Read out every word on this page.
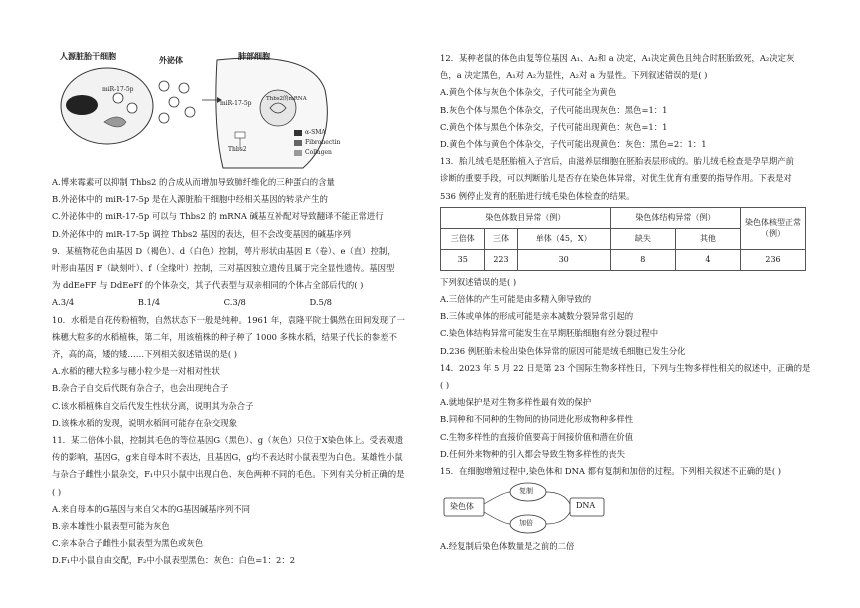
人源脏胎干细胞	外泌体	肺部细胞
miR-17-5p
miR-17-5p
Thbs2的mRNA
Thbs2
α-SMA
Fibronectin
Collagen
A.博来霉素可以抑制 Thbs2 的合成从而增加导致肺纤维化的三种蛋白的含量
B.外泌体中的 miR-17-5p 是在人源脏胎干细胞中经相关基因的转录产生的
C.外泌体中的 miR-17-5p 可以与 Thbs2 的 mRNA 碱基互补配对导致翻译不能正常进行
D.外泌体中的 miR-17-5p 调控 Thbs2 基因的表达，但不会改变基因的碱基序列
9．某植物花色由基因 D（褐色）、d（白色）控制，萼片形状由基因 E（卷）、e（直）控制，
叶形由基因 F（缺刻叶）、f（全缘叶）控制，三对基因独立遗传且属于完全显性遗传。基因型
为 ddEeFF 与 DdEeFf 的个体杂交，其子代表型与双亲相同的个体占全部后代的( )
A.3/4	B.1/4	C.3/8	D.5/8
10．水稻是自花传粉植物，自然状态下一般是纯种。1961 年，袁隆平院士偶然在田间发现了一
株穗大粒多的水稻植株，第二年，用该植株的种子种了 1000 多株水稻，结果子代长的参差不
齐，高的高，矮的矮……下列相关叙述错误的是( )
A.水稻的穗大粒多与穗小粒少是一对相对性状
B.杂合子自交后代既有杂合子，也会出现纯合子
C.该水稻植株自交后代发生性状分离，说明其为杂合子
D.该株水稻的发现，说明水稻间可能存在杂交现象
11．某二倍体小鼠，控制其毛色的等位基因G（黑色）、g（灰色）只位于X染色体上。受表观遗
传的影响，基因G，g来自母本时不表达，且基因G，g均不表达时小鼠表型为白色。某雄性小鼠
与杂合子雌性小鼠杂交，F₁中只小鼠中出现白色、灰色两种不同的毛色。下列有关分析正确的是
( )
A.来自母本的G基因与来自父本的G基因碱基序列不同
B.亲本雄性小鼠表型可能为灰色
C.亲本杂合子雌性小鼠表型为黑色或灰色
D.F₁中小鼠自由交配，F₂中小鼠表型黑色：灰色：白色=1：2：2
12．某种老鼠的体色由复等位基因 A₁、A₂和 a 决定，A₁决定黄色且纯合时胚胎致死，A₂决定灰
色，a 决定黑色，A₁对 A₂为显性，A₂对 a 为显性。下列叙述错误的是( )
A.黄色个体与灰色个体杂交，子代可能全为黄色
B.灰色个体与黑色个体杂交，子代可能出现灰色：黑色=1：1
C.黄色个体与黑色个体杂交，子代可能出现黄色：灰色=1：1
D.黄色个体与黄色个体杂交，子代可能出现黄色：灰色：黑色=2：1：1
13．胎儿绒毛是胚胎植入子宫后，由滋养层细胞在胚胎表层形成的。胎儿绒毛检查是孕早期产前
诊断的重要手段，可以判断胎儿是否存在染色体异常，对优生优育有重要的指导作用。下表是对
536 例停止发育的胚胎进行绒毛染色体检查的结果。
染色体数目异常（例）			染色体结构异常（例）		染色体核型正常（例）
三倍体	三体	单体（45，X）	缺失	其他	
35	223	30	8	4	236
下列叙述错误的是( )
A.三倍体的产生可能是由多精入卵导致的
B.三体或单体的形成可能是亲本减数分裂异常引起的
C.染色体结构异常可能发生在早期胚胎细胞有丝分裂过程中
D.236 例胚胎未检出染色体异常的原因可能是绒毛细胞已发生分化
14．2023 年 5 月 22 日是第 23 个国际生物多样性日，下列与生物多样性相关的叙述中，正确的是
( )
A.就地保护是对生物多样性最有效的保护
B.同种和不同种的生物间的协同进化形成物种多样性
C.生物多样性的直接价值要高于间接价值和潜在价值
D.任何外来物种的引入都会导致生物多样性的丧失
15．在细胞增殖过程中,染色体和 DNA 都有复制和加倍的过程。下列相关叙述不正确的是( )
染色体
复制
加倍
DNA
A.经复制后染色体数量是之前的二倍
